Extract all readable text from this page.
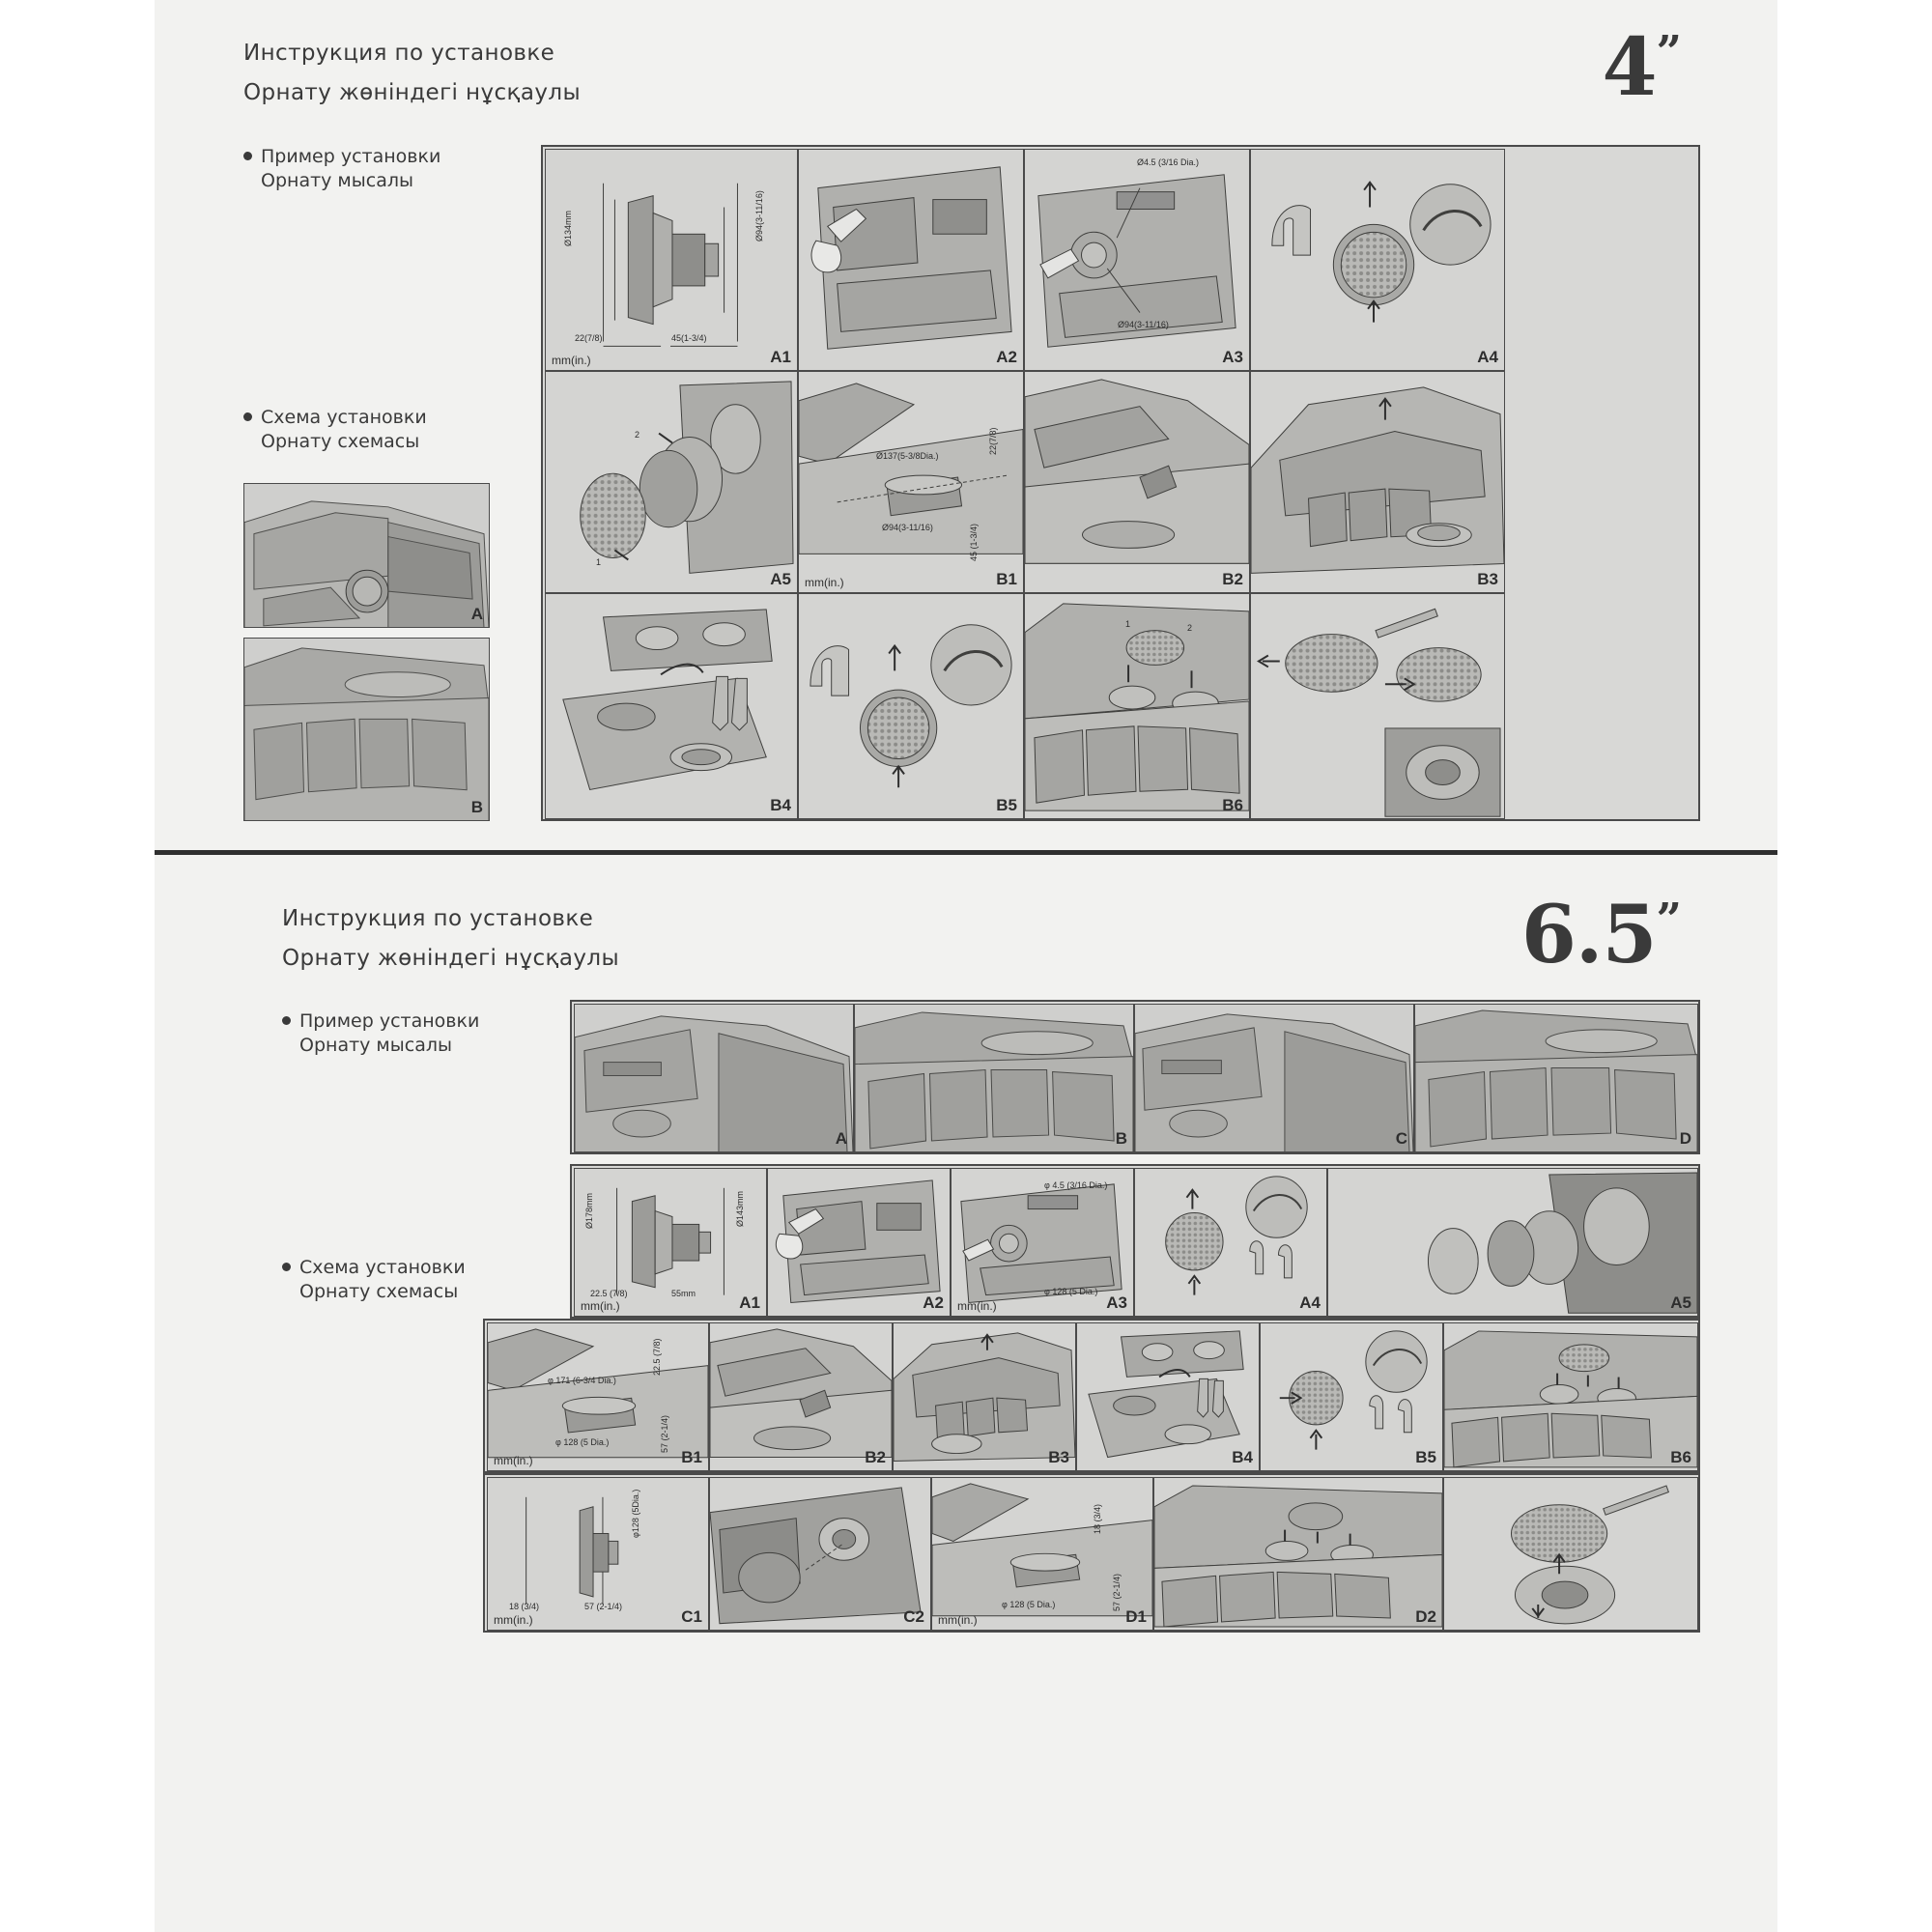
Инструкция по установке
Орнату жөніндегі нұсқаулы	4”
Пример установки
Орнату мысалы
Схема установки
Орнату схемасы
A
B
Ø134mm	Ø94(3-11/16)
22(7/8)	45(1-3/4)
mm(in.)	A1	A2
Ø4.5 (3/16 Dia.)
Ø94(3-11/16)
A3	A4
1
2
A5
Ø137(5-3/8Dia.)
Ø94(3-11/16)
22(7/8)
45 (1-3/4)
mm(in.)	B1	B2	B3
B4	B5
1	2
B6
Инструкция по установке
Орнату жөніндегі нұсқаулы	6.5”
Пример установки
Орнату мысалы
Схема установки
Орнату схемасы
A	B	C	D
Ø178mm	Ø143mm
22.5 (7/8)	55mm
mm(in.)	A1	A2
φ 4.5 (3/16 Dia.)
φ 128 (5 Dia.)
mm(in.)	A3	A4	A5
φ 171 (6-3/4 Dia.)
22.5 (7/8)
57 (2-1/4)
φ 128 (5 Dia.)
mm(in.)	B1	B2	B3	B4	B5	B6
φ128 (5Dia.)
18 (3/4)	57 (2-1/4)
mm(in.)	C1	C2
φ 128 (5 Dia.)
18 (3/4)
57 (2-1/4)
mm(in.)	D1	D2
